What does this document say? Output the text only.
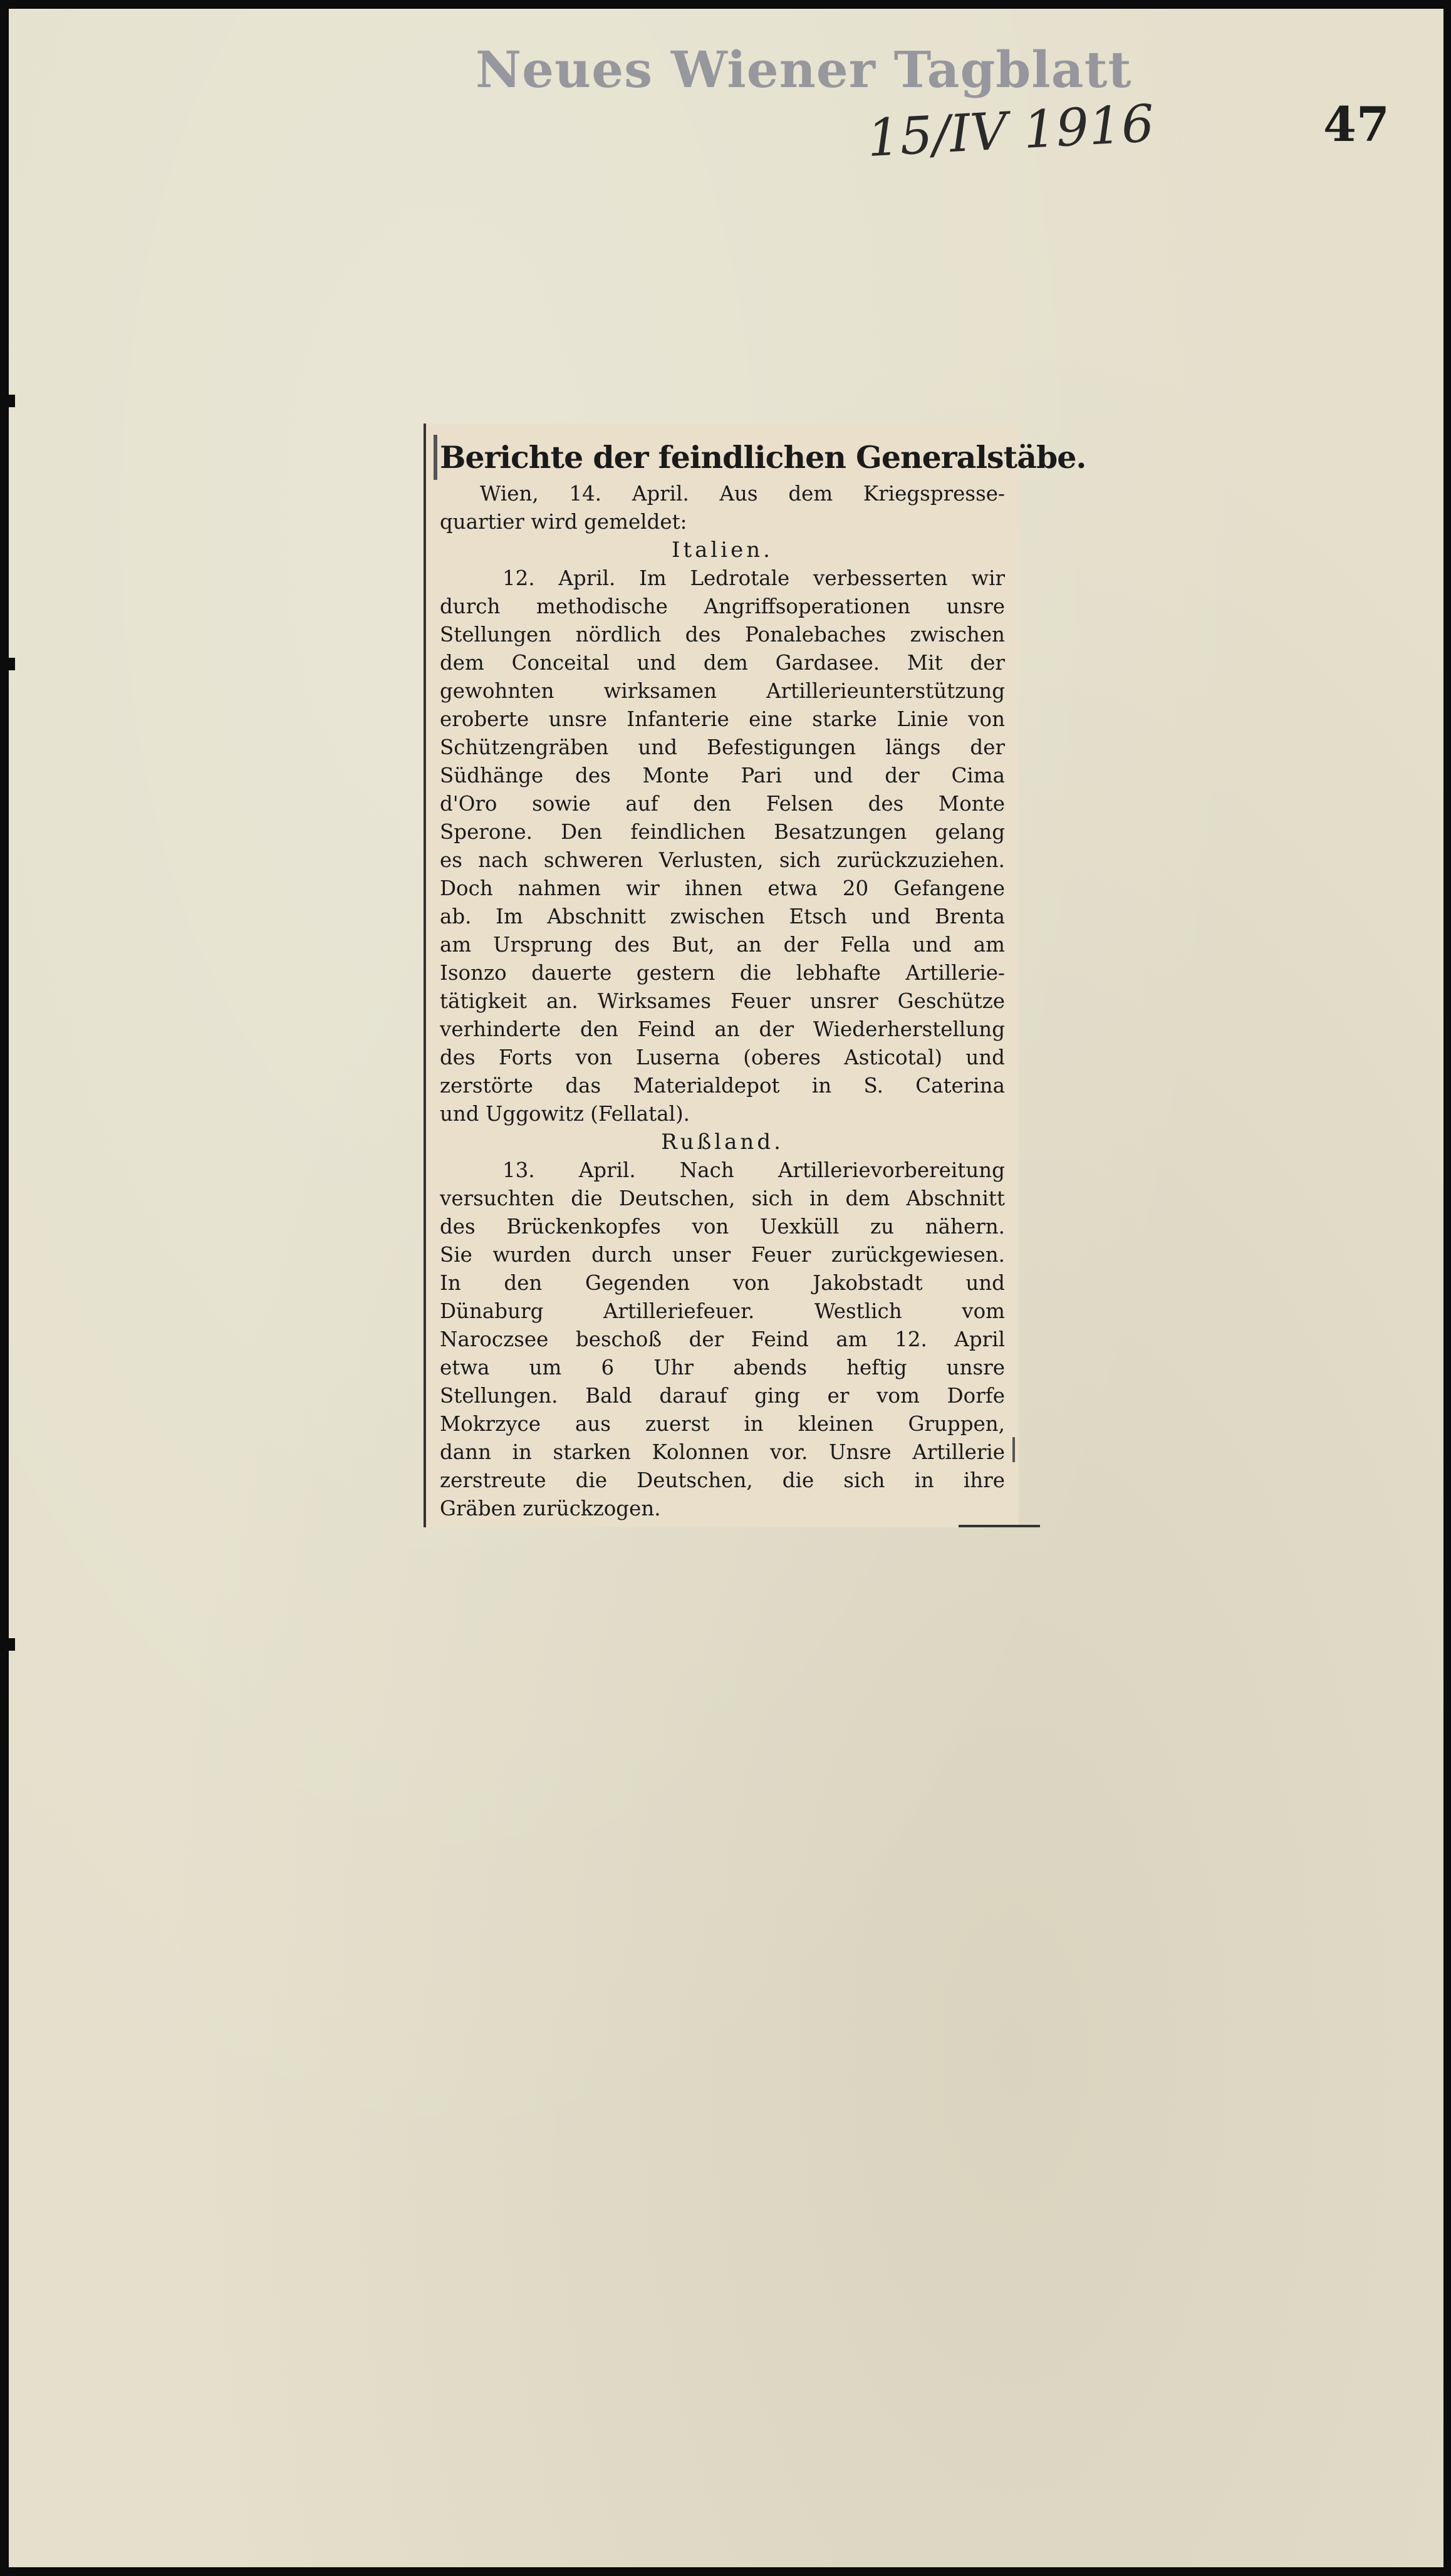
Neues Wiener Tagblatt
15/IV 1916	47
Berichte der feindlichen Generalstäbe.
Wien, 14. April. Aus dem Kriegspresse-
quartier wird gemeldet:
Italien.
12. April. Im Ledrotale verbesserten wir
durch methodische Angriffsoperationen unsre
Stellungen nördlich des Ponalebaches zwischen
dem Conceital und dem Gardasee. Mit der
gewohnten wirksamen Artillerieunterstützung
eroberte unsre Infanterie eine starke Linie von
Schützengräben und Befestigungen längs der
Südhänge des Monte Pari und der Cima
d'Oro sowie auf den Felsen des Monte
Sperone. Den feindlichen Besatzungen gelang
es nach schweren Verlusten, sich zurückzuziehen.
Doch nahmen wir ihnen etwa 20 Gefangene
ab. Im Abschnitt zwischen Etsch und Brenta
am Ursprung des But, an der Fella und am
Isonzo dauerte gestern die lebhafte Artillerie-
tätigkeit an. Wirksames Feuer unsrer Geschütze
verhinderte den Feind an der Wiederherstellung
des Forts von Luserna (oberes Asticotal) und
zerstörte das Materialdepot in S. Caterina
und Uggowitz (Fellatal).
Rußland.
13. April. Nach Artillerievorbereitung
versuchten die Deutschen, sich in dem Abschnitt
des Brückenkopfes von Uexküll zu nähern.
Sie wurden durch unser Feuer zurückgewiesen.
In den Gegenden von Jakobstadt und
Dünaburg Artilleriefeuer. Westlich vom
Naroczsee beschoß der Feind am 12. April
etwa um 6 Uhr abends heftig unsre
Stellungen. Bald darauf ging er vom Dorfe
Mokrzyce aus zuerst in kleinen Gruppen,
dann in starken Kolonnen vor. Unsre Artillerie
zerstreute die Deutschen, die sich in ihre
Gräben zurückzogen.
